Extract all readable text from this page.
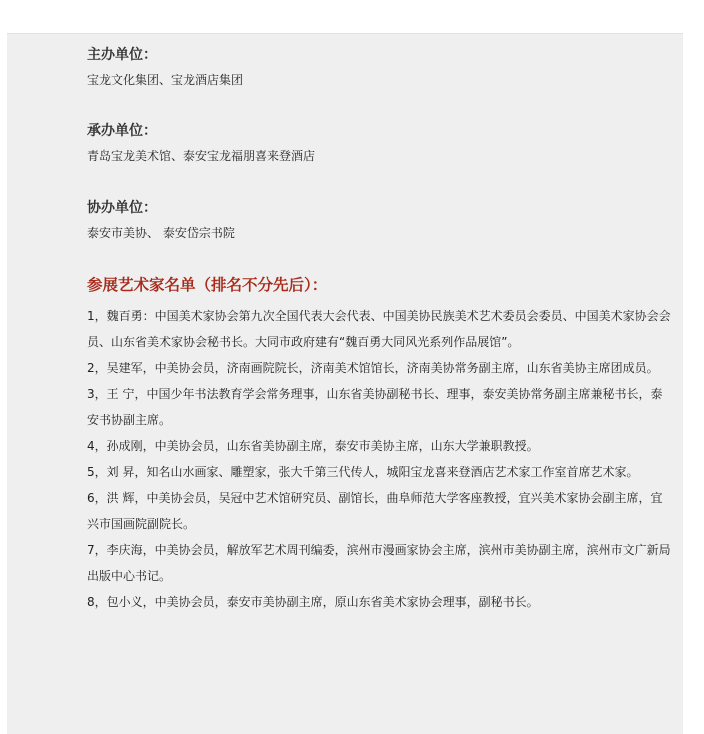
主办单位：

宝龙文化集团、宝龙酒店集团

承办单位：

青岛宝龙美术馆、泰安宝龙福朋喜来登酒店

协办单位：

泰安市美协、 泰安岱宗书院

参展艺术家名单（排名不分先后）：

1，魏百勇：中国美术家协会第九次全国代表大会代表、中国美协民族美术艺术委员会委员、中国美术家协会会员、山东省美术家协会秘书长。大同市政府建有“魏百勇大同风光系列作品展馆”。

2，吴建军，中美协会员，济南画院院长，济南美术馆馆长，济南美协常务副主席，山东省美协主席团成员。

3，王 宁，中国少年书法教育学会常务理事，山东省美协副秘书长、理事，泰安美协常务副主席兼秘书长，泰安书协副主席。

4，孙成刚，中美协会员，山东省美协副主席，泰安市美协主席，山东大学兼职教授。

5，刘 昇，知名山水画家、雕塑家，张大千第三代传人，城阳宝龙喜来登酒店艺术家工作室首席艺术家。

6，洪 辉，中美协会员，吴冠中艺术馆研究员、副馆长，曲阜师范大学客座教授，宜兴美术家协会副主席，宜兴市国画院副院长。

7，李庆海，中美协会员，解放军艺术周刊编委，滨州市漫画家协会主席，滨州市美协副主席，滨州市文广新局出版中心书记。

8，包小义，中美协会员，泰安市美协副主席，原山东省美术家协会理事，副秘书长。
